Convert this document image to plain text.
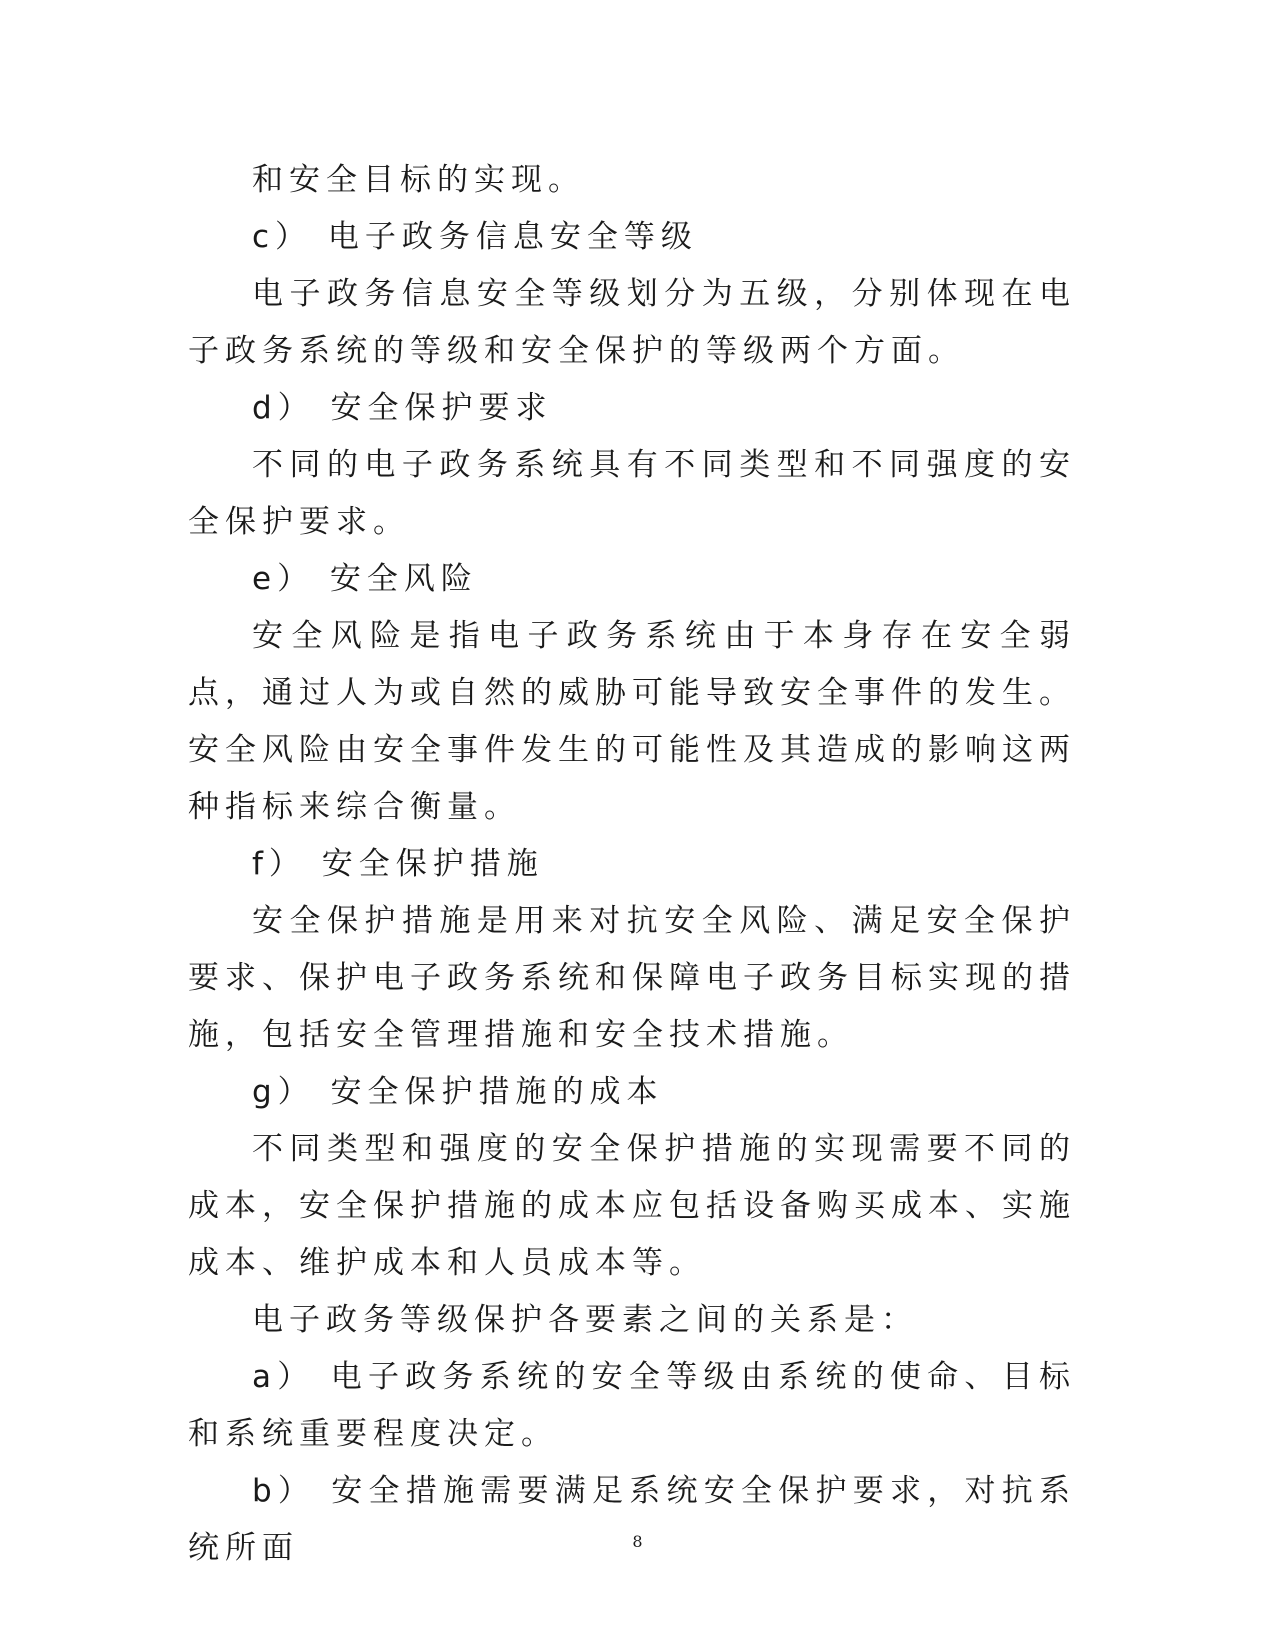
和安全目标的实现。

c） 电子政务信息安全等级

电子政务信息安全等级划分为五级，分别体现在电子政务系统的等级和安全保护的等级两个方面。

d） 安全保护要求

不同的电子政务系统具有不同类型和不同强度的安全保护要求。

e） 安全风险

安全风险是指电子政务系统由于本身存在安全弱点，通过人为或自然的威胁可能导致安全事件的发生。安全风险由安全事件发生的可能性及其造成的影响这两种指标来综合衡量。

f） 安全保护措施

安全保护措施是用来对抗安全风险、满足安全保护要求、保护电子政务系统和保障电子政务目标实现的措施，包括安全管理措施和安全技术措施。

g） 安全保护措施的成本

不同类型和强度的安全保护措施的实现需要不同的成本，安全保护措施的成本应包括设备购买成本、实施成本、维护成本和人员成本等。

电子政务等级保护各要素之间的关系是：

a） 电子政务系统的安全等级由系统的使命、目标和系统重要程度决定。

b） 安全措施需要满足系统安全保护要求，对抗系统所面	8
